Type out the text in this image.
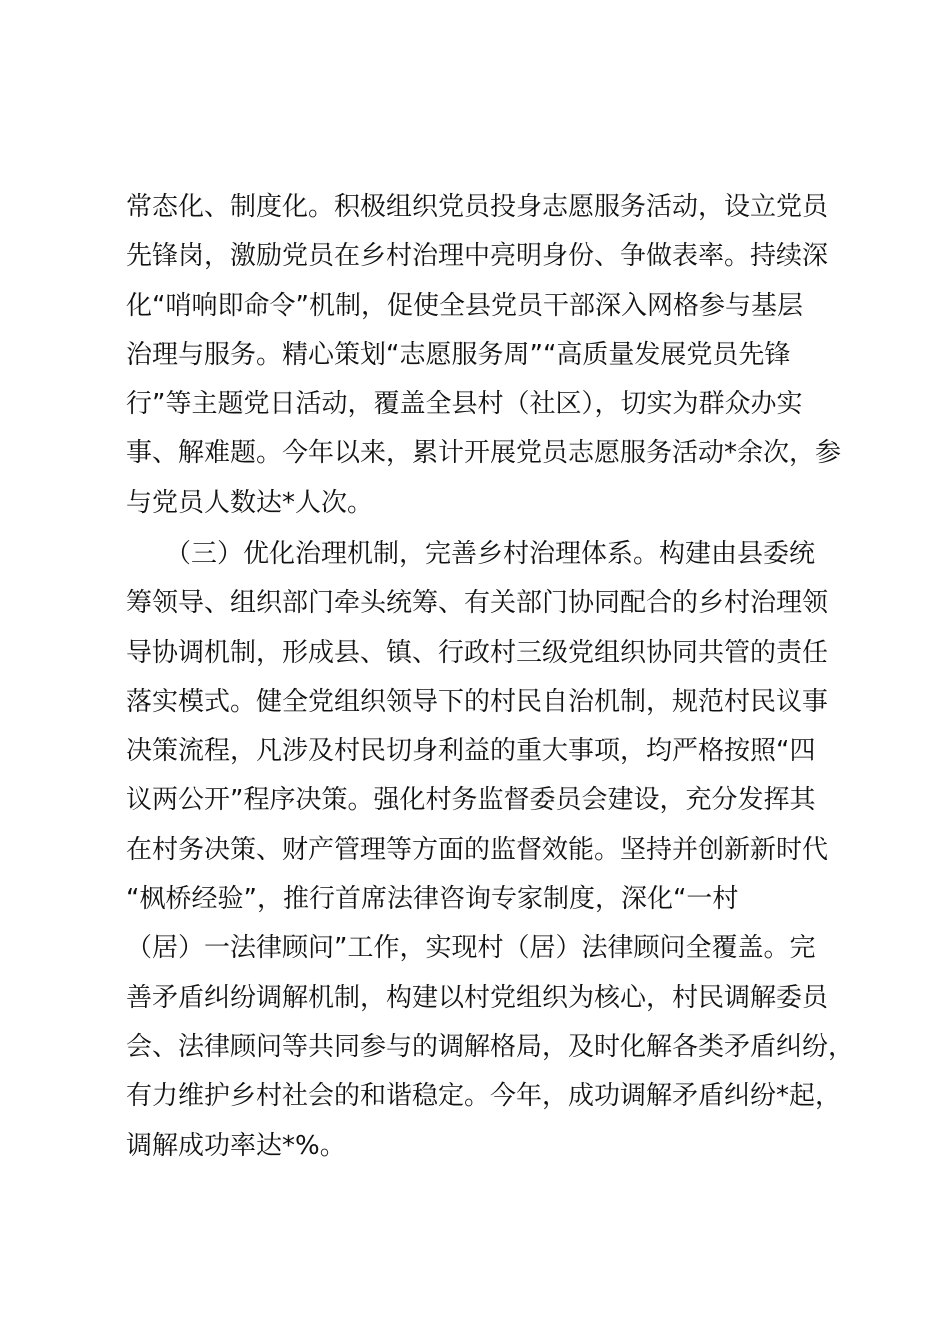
常态化、制度化。积极组织党员投身志愿服务活动，设立党员
先锋岗，激励党员在乡村治理中亮明身份、争做表率。持续深
化“哨响即命令”机制，促使全县党员干部深入网格参与基层
治理与服务。精心策划“志愿服务周”“高质量发展党员先锋
行”等主题党日活动，覆盖全县村（社区），切实为群众办实
事、解难题。今年以来，累计开展党员志愿服务活动*余次，参
与党员人数达*人次。
　　（三）优化治理机制，完善乡村治理体系。构建由县委统
筹领导、组织部门牵头统筹、有关部门协同配合的乡村治理领
导协调机制，形成县、镇、行政村三级党组织协同共管的责任
落实模式。健全党组织领导下的村民自治机制，规范村民议事
决策流程，凡涉及村民切身利益的重大事项，均严格按照“四
议两公开”程序决策。强化村务监督委员会建设，充分发挥其
在村务决策、财产管理等方面的监督效能。坚持并创新新时代
“枫桥经验”，推行首席法律咨询专家制度，深化“一村
（居）一法律顾问”工作，实现村（居）法律顾问全覆盖。完
善矛盾纠纷调解机制，构建以村党组织为核心，村民调解委员
会、法律顾问等共同参与的调解格局，及时化解各类矛盾纠纷，
有力维护乡村社会的和谐稳定。今年，成功调解矛盾纠纷*起，
调解成功率达*%。
